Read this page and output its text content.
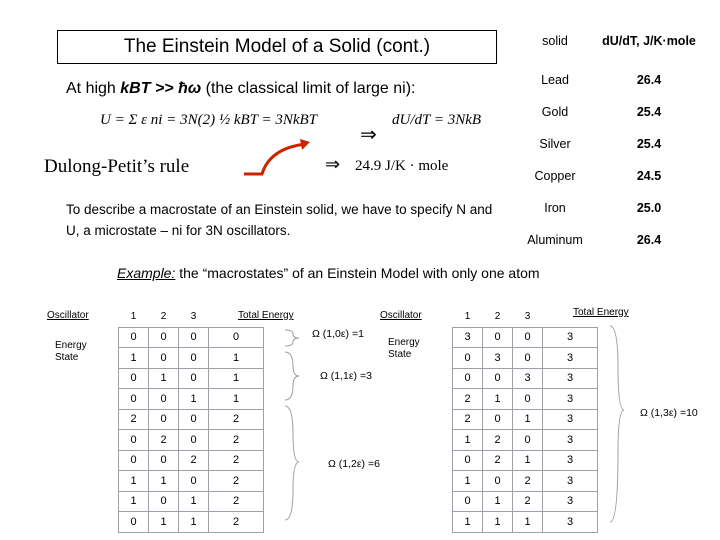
The Einstein Model of a Solid (cont.)
At high kBT >> ħω (the classical limit of large ni):
U = Σ ε ni = 3N(2) ½ kBT = 3NkBT
⇒
dU/dT = 3NkB
Dulong-Petit’s rule	⇒ 24.9 J/K · mole
To describe a macrostate of an Einstein solid, we have to specify N and U, a microstate – ni for 3N oscillators.
solid	dU/dT, J/K·mole
Lead	26.4
Gold	25.4
Silver	25.4
Copper	24.5
Iron	25.0
Aluminum	26.4
Example: the “macrostates” of an Einstein Model with only one atom
Oscillator
Energy State
Total Energy
1	2	3	
0	0	0	0
1	0	0	1
0	1	0	1
0	0	1	1
2	0	0	2
0	2	0	2
0	0	2	2
1	1	0	2
1	0	1	2
0	1	1	2
Oscillator
Energy State
Total Energy
1	2	3	
3	0	0	3
0	3	0	3
0	0	3	3
2	1	0	3
2	0	1	3
1	2	0	3
0	2	1	3
1	0	2	3
0	1	2	3
1	1	1	3
Ω (1,0ε) =1
Ω (1,1ε) =3
Ω (1,2ε) =6
Ω (1,3ε) =10
